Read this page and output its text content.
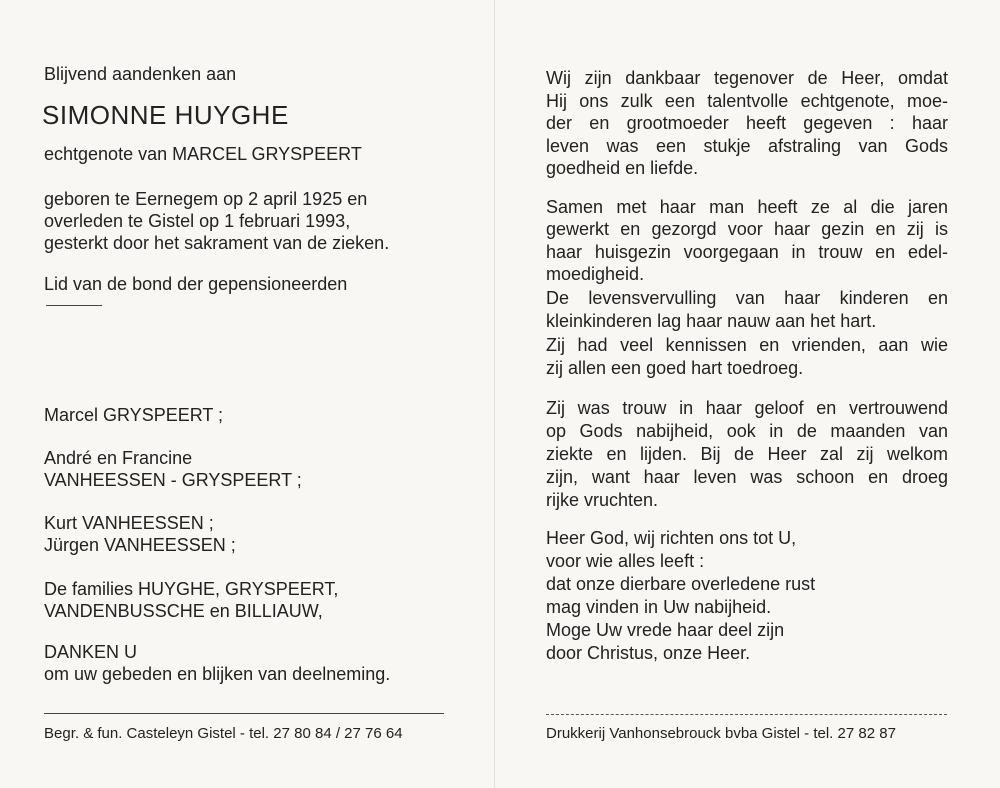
Blijvend aandenken aan
SIMONNE HUYGHE
echtgenote van MARCEL GRYSPEERT
geboren te Eernegem op 2 april 1925 en
overleden te Gistel op 1 februari 1993,
gesterkt door het sakrament van de zieken.
Lid van de bond der gepensioneerden
Marcel GRYSPEERT ;
André en Francine
VANHEESSEN - GRYSPEERT ;
Kurt VANHEESSEN ;
Jürgen VANHEESSEN ;
De families HUYGHE, GRYSPEERT,
VANDENBUSSCHE en BILLIAUW,
DANKEN U
om uw gebeden en blijken van deelneming.
Begr. & fun. Casteleyn Gistel - tel. 27 80 84 / 27 76 64
Wij zijn dankbaar tegenover de Heer, omdat
Hij ons zulk een talentvolle echtgenote, moe-
der en grootmoeder heeft gegeven : haar
leven was een stukje afstraling van Gods
goedheid en liefde.
Samen met haar man heeft ze al die jaren
gewerkt en gezorgd voor haar gezin en zij is
haar huisgezin voorgegaan in trouw en edel-
moedigheid.
De levensvervulling van haar kinderen en
kleinkinderen lag haar nauw aan het hart.
Zij had veel kennissen en vrienden, aan wie
zij allen een goed hart toedroeg.
Zij was trouw in haar geloof en vertrouwend
op Gods nabijheid, ook in de maanden van
ziekte en lijden. Bij de Heer zal zij welkom
zijn, want haar leven was schoon en droeg
rijke vruchten.
Heer God, wij richten ons tot U,
voor wie alles leeft :
dat onze dierbare overledene rust
mag vinden in Uw nabijheid.
Moge Uw vrede haar deel zijn
door Christus, onze Heer.
Drukkerij Vanhonsebrouck bvba Gistel - tel. 27 82 87
